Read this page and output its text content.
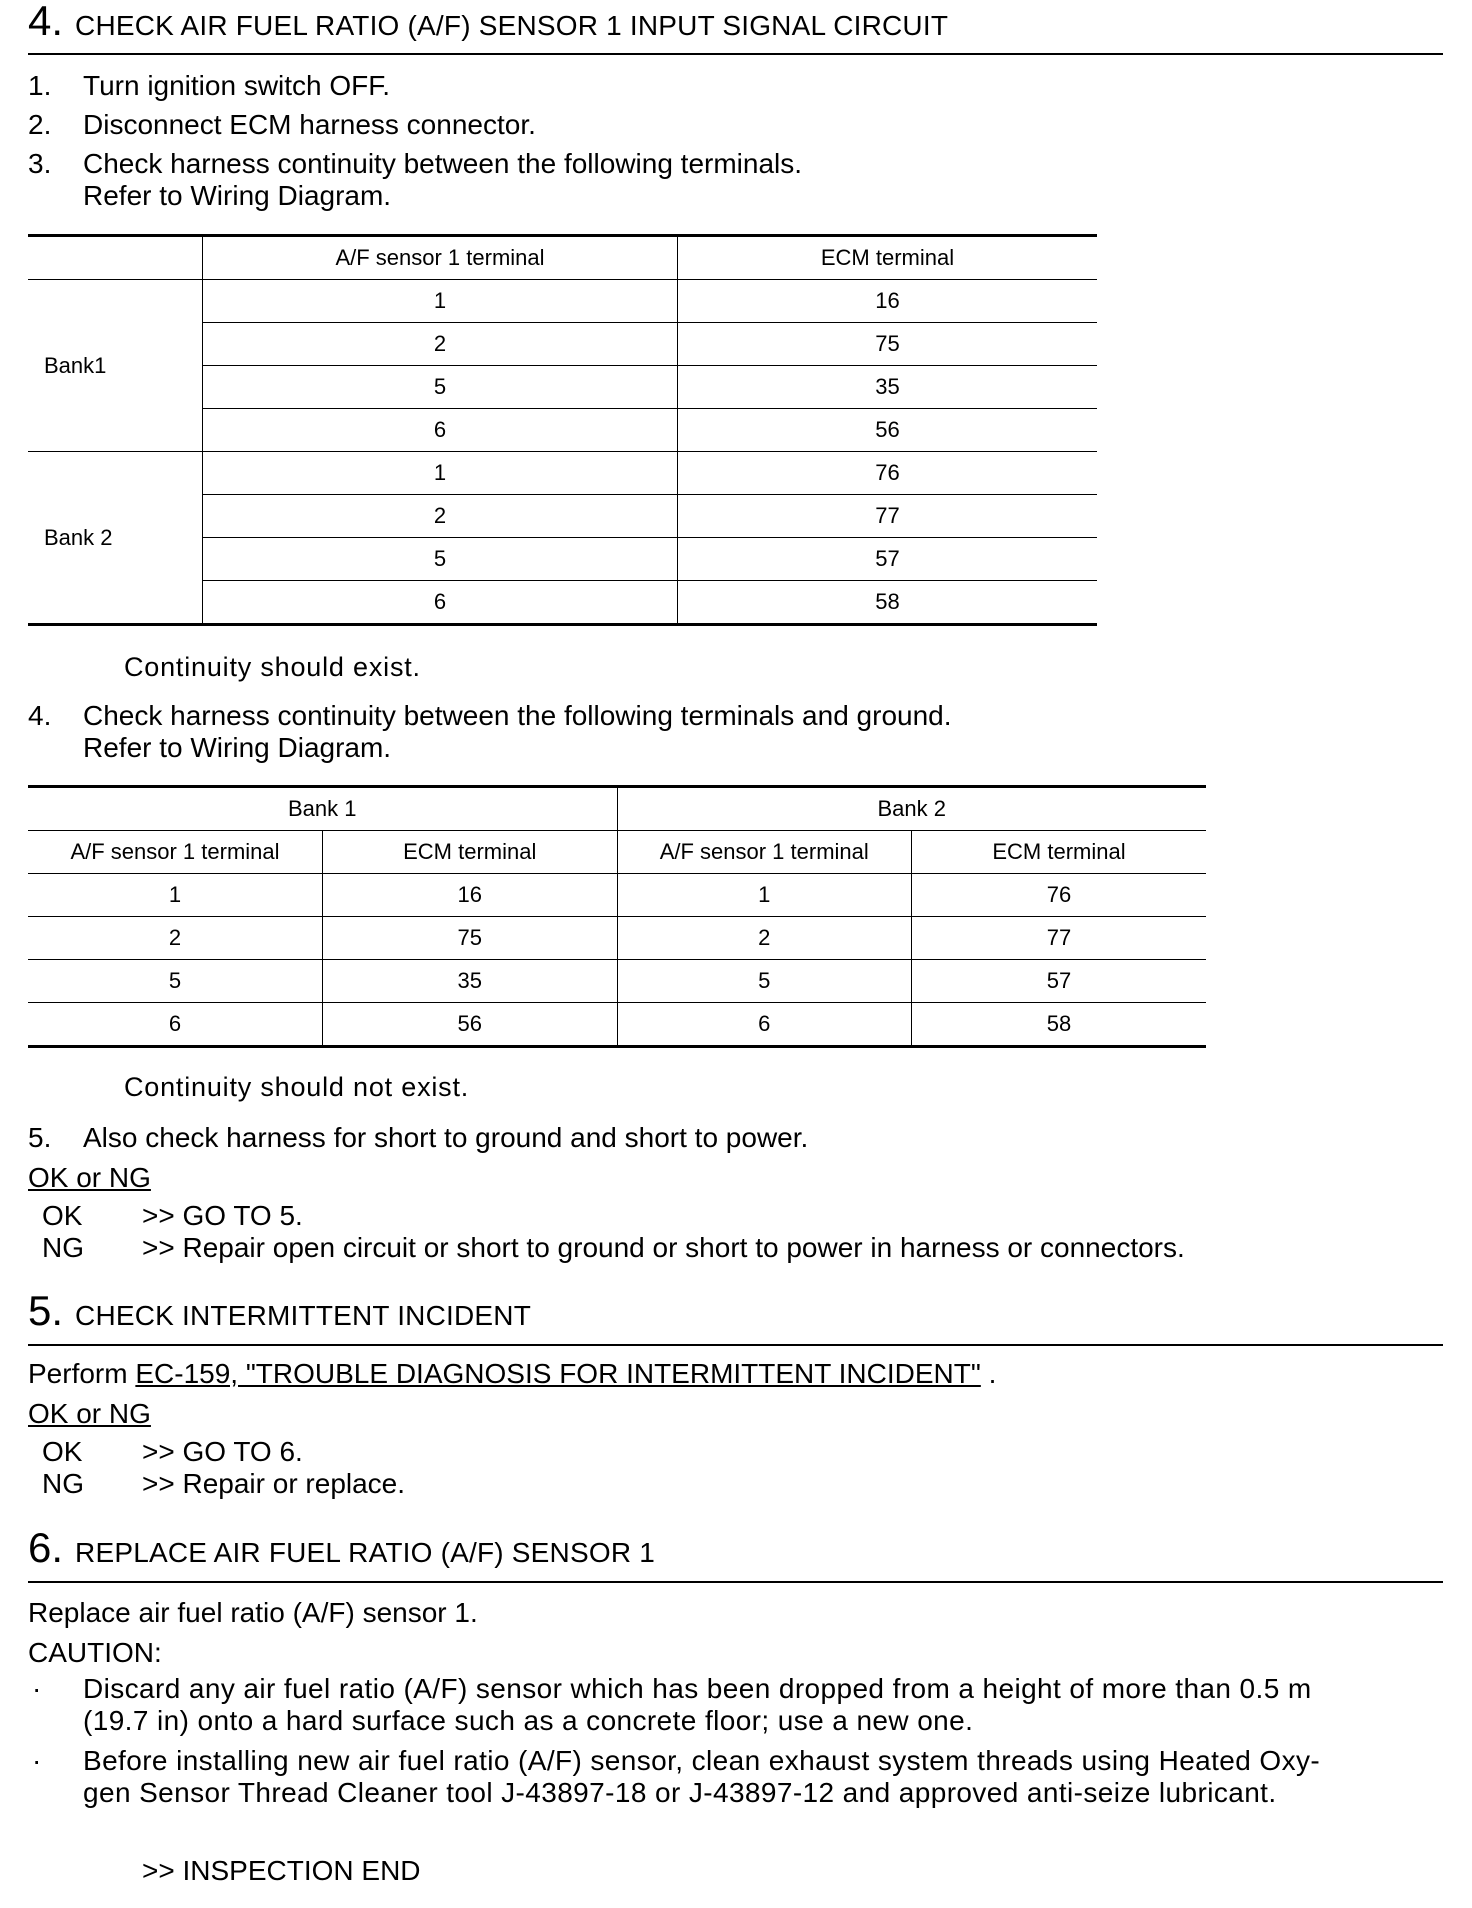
4 . CHECK AIR FUEL RATIO (A/F) SENSOR 1 INPUT SIGNAL CIRCUIT
1.	Turn ignition switch OFF.
2.	Disconnect ECM harness connector.
3.	Check harness continuity between the following terminals.
Refer to Wiring Diagram.
	A/F sensor 1 terminal	ECM terminal
Bank1	1	16
	2	75
	5	35
	6	56
Bank 2	1	76
	2	77
	5	57
	6	58
Continuity should exist.
4.	Check harness continuity between the following terminals and ground.
Refer to Wiring Diagram.
Bank 1		Bank 2	
A/F sensor 1 terminal	ECM terminal	A/F sensor 1 terminal	ECM terminal
1	16	1	76
2	75	2	77
5	35	5	57
6	56	6	58
Continuity should not exist.
5.	Also check harness for short to ground and short to power.
OK or NG
OK	>> GO TO 5.
NG	>> Repair open circuit or short to ground or short to power in harness or connectors.
5 . CHECK INTERMITTENT INCIDENT
Perform EC-159, "TROUBLE DIAGNOSIS FOR INTERMITTENT INCIDENT" .
OK or NG
OK	>> GO TO 6.
NG	>> Repair or replace.
6 . REPLACE AIR FUEL RATIO (A/F) SENSOR 1
Replace air fuel ratio (A/F) sensor 1.
CAUTION:
·	Discard any air fuel ratio (A/F) sensor which has been dropped from a height of more than 0.5 m
(19.7 in) onto a hard surface such as a concrete floor; use a new one.
·	Before installing new air fuel ratio (A/F) sensor, clean exhaust system threads using Heated Oxy-
gen Sensor Thread Cleaner tool J-43897-18 or J-43897-12 and approved anti-seize lubricant.
>> INSPECTION END
